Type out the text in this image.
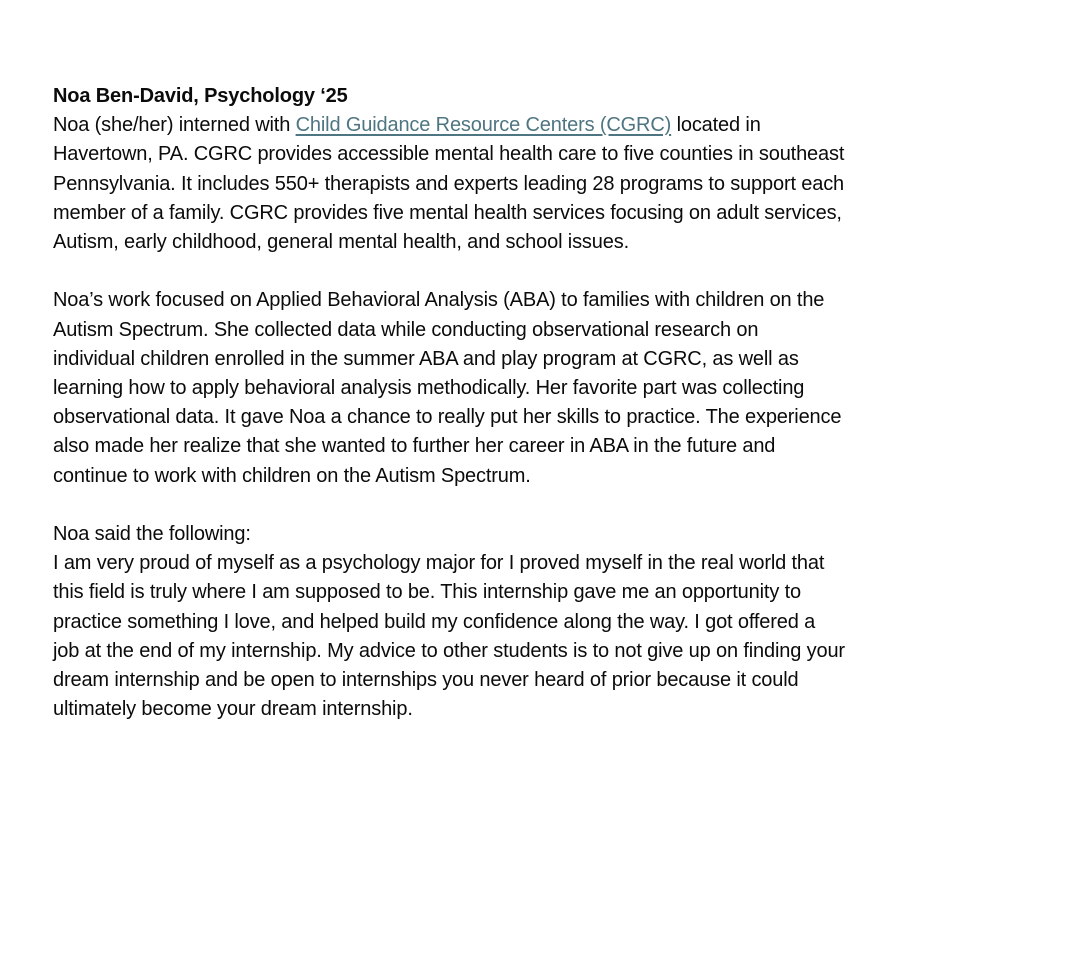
Noa Ben-David, Psychology ‘25
Noa (she/her) interned with Child Guidance Resource Centers (CGRC) located in
Havertown, PA. CGRC provides accessible mental health care to five counties in southeast
Pennsylvania. It includes 550+ therapists and experts leading 28 programs to support each
member of a family. CGRC provides five mental health services focusing on adult services,
Autism, early childhood, general mental health, and school issues.
Noa’s work focused on Applied Behavioral Analysis (ABA) to families with children on the
Autism Spectrum. She collected data while conducting observational research on
individual children enrolled in the summer ABA and play program at CGRC, as well as
learning how to apply behavioral analysis methodically. Her favorite part was collecting
observational data. It gave Noa a chance to really put her skills to practice. The experience
also made her realize that she wanted to further her career in ABA in the future and
continue to work with children on the Autism Spectrum.
Noa said the following:
I am very proud of myself as a psychology major for I proved myself in the real world that
this field is truly where I am supposed to be. This internship gave me an opportunity to
practice something I love, and helped build my confidence along the way. I got offered a
job at the end of my internship. My advice to other students is to not give up on finding your
dream internship and be open to internships you never heard of prior because it could
ultimately become your dream internship.
